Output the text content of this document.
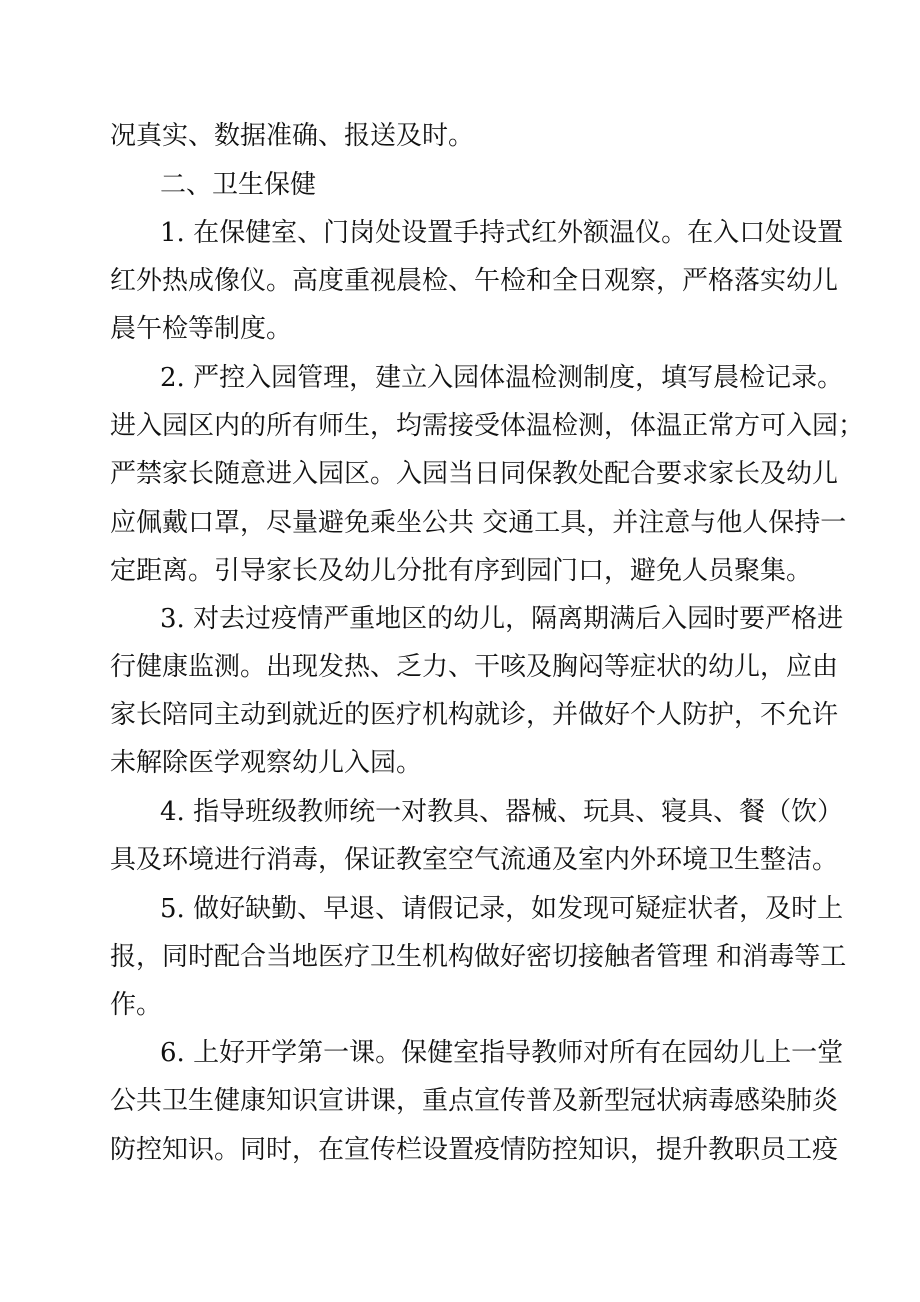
况真实、数据准确、报送及时。
二、卫生保健
1. 在保健室、门岗处设置手持式红外额温仪。在入口处设置
红外热成像仪。高度重视晨检、午检和全日观察，严格落实幼儿
晨午检等制度。
2. 严控入园管理，建立入园体温检测制度，填写晨检记录。
进入园区内的所有师生，均需接受体温检测，体温正常方可入园；
严禁家长随意进入园区。入园当日同保教处配合要求家长及幼儿
应佩戴口罩，尽量避免乘坐公共 交通工具，并注意与他人保持一
定距离。引导家长及幼儿分批有序到园门口，避免人员聚集。
3. 对去过疫情严重地区的幼儿，隔离期满后入园时要严格进
行健康监测。出现发热、乏力、干咳及胸闷等症状的幼儿，应由
家长陪同主动到就近的医疗机构就诊，并做好个人防护，不允许
未解除医学观察幼儿入园。
4. 指导班级教师统一对教具、器械、玩具、寝具、餐（饮）
具及环境进行消毒，保证教室空气流通及室内外环境卫生整洁。
5. 做好缺勤、早退、请假记录，如发现可疑症状者，及时上
报，同时配合当地医疗卫生机构做好密切接触者管理 和消毒等工
作。
6. 上好开学第一课。保健室指导教师对所有在园幼儿上一堂
公共卫生健康知识宣讲课，重点宣传普及新型冠状病毒感染肺炎
防控知识。同时，在宣传栏设置疫情防控知识，提升教职员工疫
